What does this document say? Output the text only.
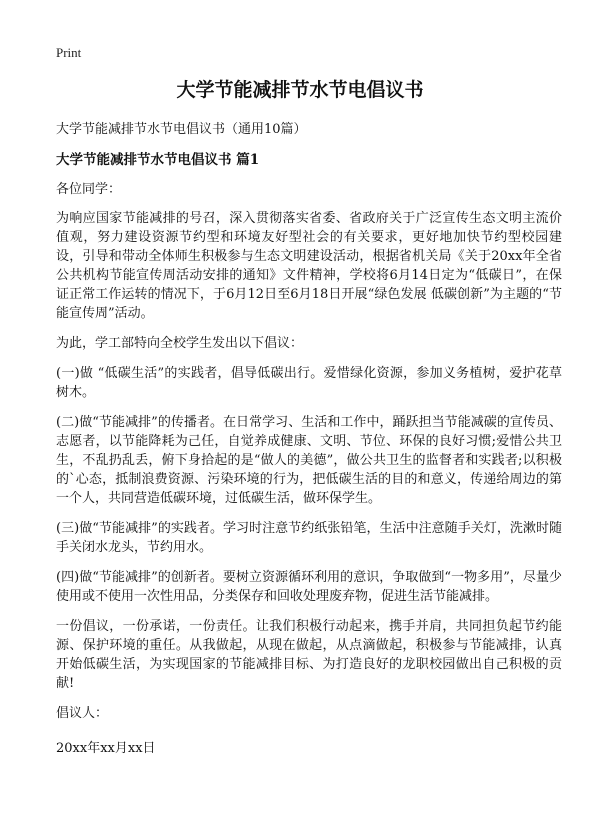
Print
大学节能减排节水节电倡议书
大学节能减排节水节电倡议书（通用10篇）
大学节能减排节水节电倡议书 篇1
各位同学：

为响应国家节能减排的号召，深入贯彻落实省委、省政府关于广泛宣传生态文明主流价值观，努力建设资源节约型和环境友好型社会的有关要求，更好地加快节约型校园建设，引导和带动全体师生积极参与生态文明建设活动，根据省机关局《关于20xx年全省公共机构节能宣传周活动安排的通知》文件精神，学校将6月14日定为“低碳日”，在保证正常工作运转的情况下，于6月12日至6月18日开展“绿色发展 低碳创新”为主题的“节能宣传周”活动。

为此，学工部特向全校学生发出以下倡议：

(一)做 “低碳生活”的实践者，倡导低碳出行。爱惜绿化资源，参加义务植树，爱护花草树木。

(二)做“节能减排”的传播者。在日常学习、生活和工作中，踊跃担当节能减碳的宣传员、志愿者，以节能降耗为己任，自觉养成健康、文明、节位、环保的良好习惯;爱惜公共卫生，不乱扔乱丢，俯下身拾起的是“做人的美德”，做公共卫生的监督者和实践者;以积极的`心态，抵制浪费资源、污染环境的行为，把低碳生活的目的和意义，传递给周边的第一个人，共同营造低碳环境，过低碳生活，做环保学生。

(三)做“节能减排”的实践者。学习时注意节约纸张铅笔，生活中注意随手关灯，洗漱时随手关闭水龙头，节约用水。

(四)做“节能减排”的创新者。要树立资源循环利用的意识，争取做到“一物多用”，尽量少使用或不使用一次性用品，分类保存和回收处理废弃物，促进生活节能减排。

一份倡议，一份承诺，一份责任。让我们积极行动起来，携手并肩，共同担负起节约能源、保护环境的重任。从我做起，从现在做起，从点滴做起，积极参与节能减排，认真开始低碳生活，为实现国家的节能减排目标、为打造良好的龙职校园做出自己积极的贡献!

倡议人：
20xx年xx月xx日
